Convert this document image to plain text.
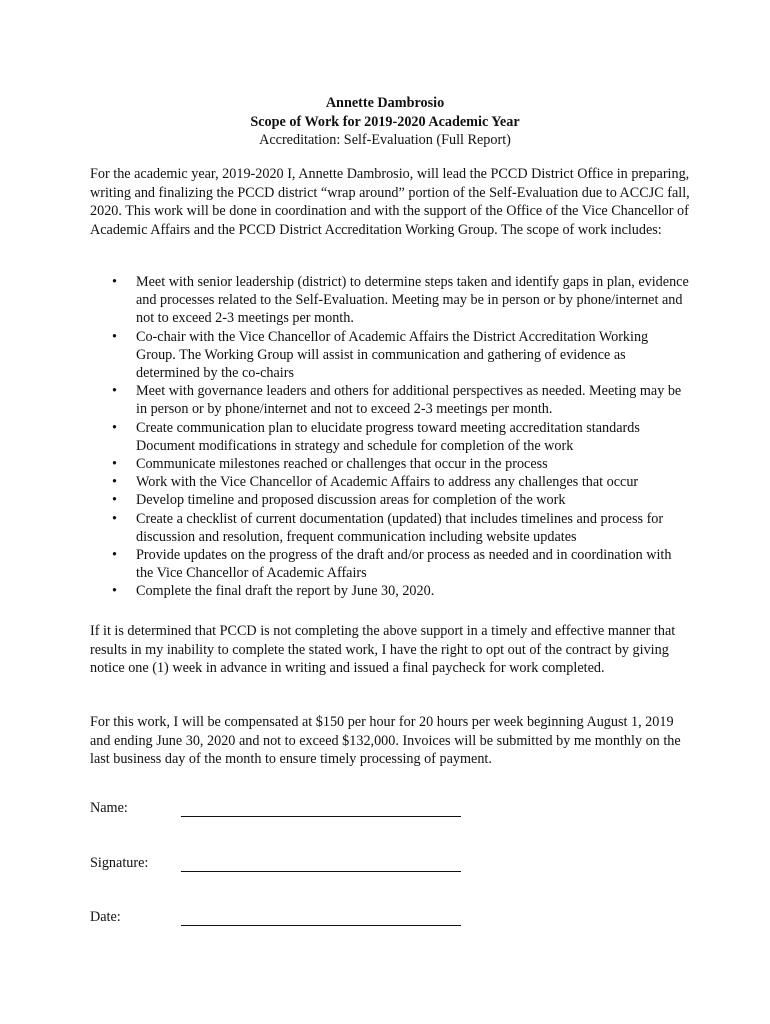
Annette Dambrosio
Scope of Work for 2019-2020 Academic Year
Accreditation: Self-Evaluation (Full Report)

For the academic year, 2019-2020 I, Annette Dambrosio, will lead the PCCD District Office in preparing, writing and finalizing the PCCD district “wrap around” portion of the Self-Evaluation due to ACCJC fall, 2020. This work will be done in coordination and with the support of the Office of the Vice Chancellor of Academic Affairs and the PCCD District Accreditation Working Group. The scope of work includes:

• Meet with senior leadership (district) to determine steps taken and identify gaps in plan, evidence and processes related to the Self-Evaluation. Meeting may be in person or by phone/internet and not to exceed 2-3 meetings per month.
• Co-chair with the Vice Chancellor of Academic Affairs the District Accreditation Working Group. The Working Group will assist in communication and gathering of evidence as determined by the co-chairs
• Meet with governance leaders and others for additional perspectives as needed. Meeting may be in person or by phone/internet and not to exceed 2-3 meetings per month.
• Create communication plan to elucidate progress toward meeting accreditation standards Document modifications in strategy and schedule for completion of the work
• Communicate milestones reached or challenges that occur in the process
• Work with the Vice Chancellor of Academic Affairs to address any challenges that occur
• Develop timeline and proposed discussion areas for completion of the work
• Create a checklist of current documentation (updated) that includes timelines and process for discussion and resolution, frequent communication including website updates
• Provide updates on the progress of the draft and/or process as needed and in coordination with the Vice Chancellor of Academic Affairs
• Complete the final draft the report by June 30, 2020.

If it is determined that PCCD is not completing the above support in a timely and effective manner that results in my inability to complete the stated work, I have the right to opt out of the contract by giving notice one (1) week in advance in writing and issued a final paycheck for work completed.

For this work, I will be compensated at $150 per hour for 20 hours per week beginning August 1, 2019 and ending June 30, 2020 and not to exceed $132,000. Invoices will be submitted by me monthly on the last business day of the month to ensure timely processing of payment.

Name:
Signature:
Date:
